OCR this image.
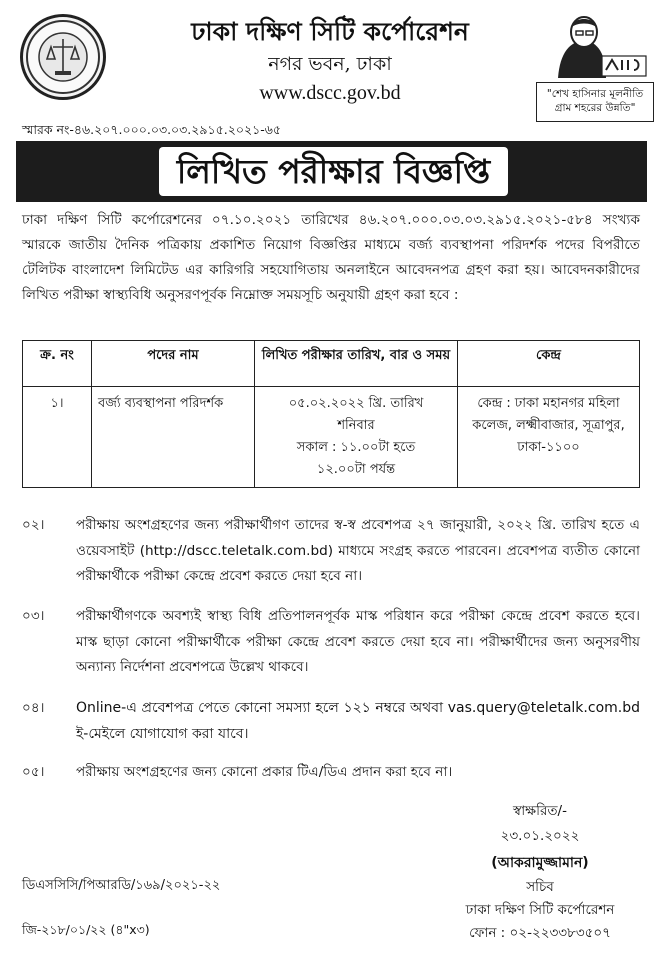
ঢাকা দক্ষিণ সিটি কর্পোরেশন
নগর ভবন, ঢাকা
www.dscc.gov.bd	"শেখ হাসিনার মূলনীতি
গ্রাম শহরের উন্নতি"
স্মারক নং-৪৬.২০৭.০০০.০৩.০৩.২৯১৫.২০২১-৬৫
লিখিত পরীক্ষার বিজ্ঞপ্তি
ঢাকা দক্ষিণ সিটি কর্পোরেশনের ০৭.১০.২০২১ তারিখের ৪৬.২০৭.০০০.০৩.০৩.২৯১৫.২০২১-৫৮৪ সংখ্যক স্মারকে জাতীয় দৈনিক পত্রিকায় প্রকাশিত নিয়োগ বিজ্ঞপ্তির মাধ্যমে বর্জ্য ব্যবস্থাপনা পরিদর্শক পদের বিপরীতে টেলিটক বাংলাদেশ লিমিটেড এর কারিগরি সহযোগিতায় অনলাইনে আবেদনপত্র গ্রহণ করা হয়। আবেদনকারীদের লিখিত পরীক্ষা স্বাস্থ্যবিধি অনুসরণপূর্বক নিম্নোক্ত সময়সূচি অনুযায়ী গ্রহণ করা হবে :
ক্র. নং	পদের নাম	লিখিত পরীক্ষার তারিখ, বার ও সময়	কেন্দ্র
১।	বর্জ্য ব্যবস্থাপনা পরিদর্শক	০৫.০২.২০২২ খ্রি. তারিখ
শনিবার
সকাল : ১১.০০টা হতে
১২.০০টা পর্যন্ত	কেন্দ্র : ঢাকা মহানগর মহিলা কলেজ, লক্ষ্মীবাজার, সূত্রাপুর, ঢাকা-১১০০
০২। পরীক্ষায় অংশগ্রহণের জন্য পরীক্ষার্থীগণ তাদের স্ব-স্ব প্রবেশপত্র ২৭ জানুয়ারী, ২০২২ খ্রি. তারিখ হতে এ ওয়েবসাইট (http://dscc.teletalk.com.bd) মাধ্যমে সংগ্রহ করতে পারবেন। প্রবেশপত্র ব্যতীত কোনো পরীক্ষার্থীকে পরীক্ষা কেন্দ্রে প্রবেশ করতে দেয়া হবে না।
০৩। পরীক্ষার্থীগণকে অবশ্যই স্বাস্থ্য বিধি প্রতিপালনপূর্বক মাস্ক পরিধান করে পরীক্ষা কেন্দ্রে প্রবেশ করতে হবে। মাস্ক ছাড়া কোনো পরীক্ষার্থীকে পরীক্ষা কেন্দ্রে প্রবেশ করতে দেয়া হবে না। পরীক্ষার্থীদের জন্য অনুসরণীয় অন্যান্য নির্দেশনা প্রবেশপত্রে উল্লেখ থাকবে।
০৪। Online-এ প্রবেশপত্র পেতে কোনো সমস্যা হলে ১২১ নম্বরে অথবা vas.query@teletalk.com.bd ই-মেইলে যোগাযোগ করা যাবে।
০৫। পরীক্ষায় অংশগ্রহণের জন্য কোনো প্রকার টিএ/ডিএ প্রদান করা হবে না।
স্বাক্ষরিত/-
২৩.০১.২০২২
(আকরামুজ্জামান)
সচিব
ঢাকা দক্ষিণ সিটি কর্পোরেশন
ফোন : ০২-২২৩৩৮৩৫০৭
ডিএসসিসি/পিআরডি/১৬৯/২০২১-২২
জি-২১৮/০১/২২ (৪"x৩)
